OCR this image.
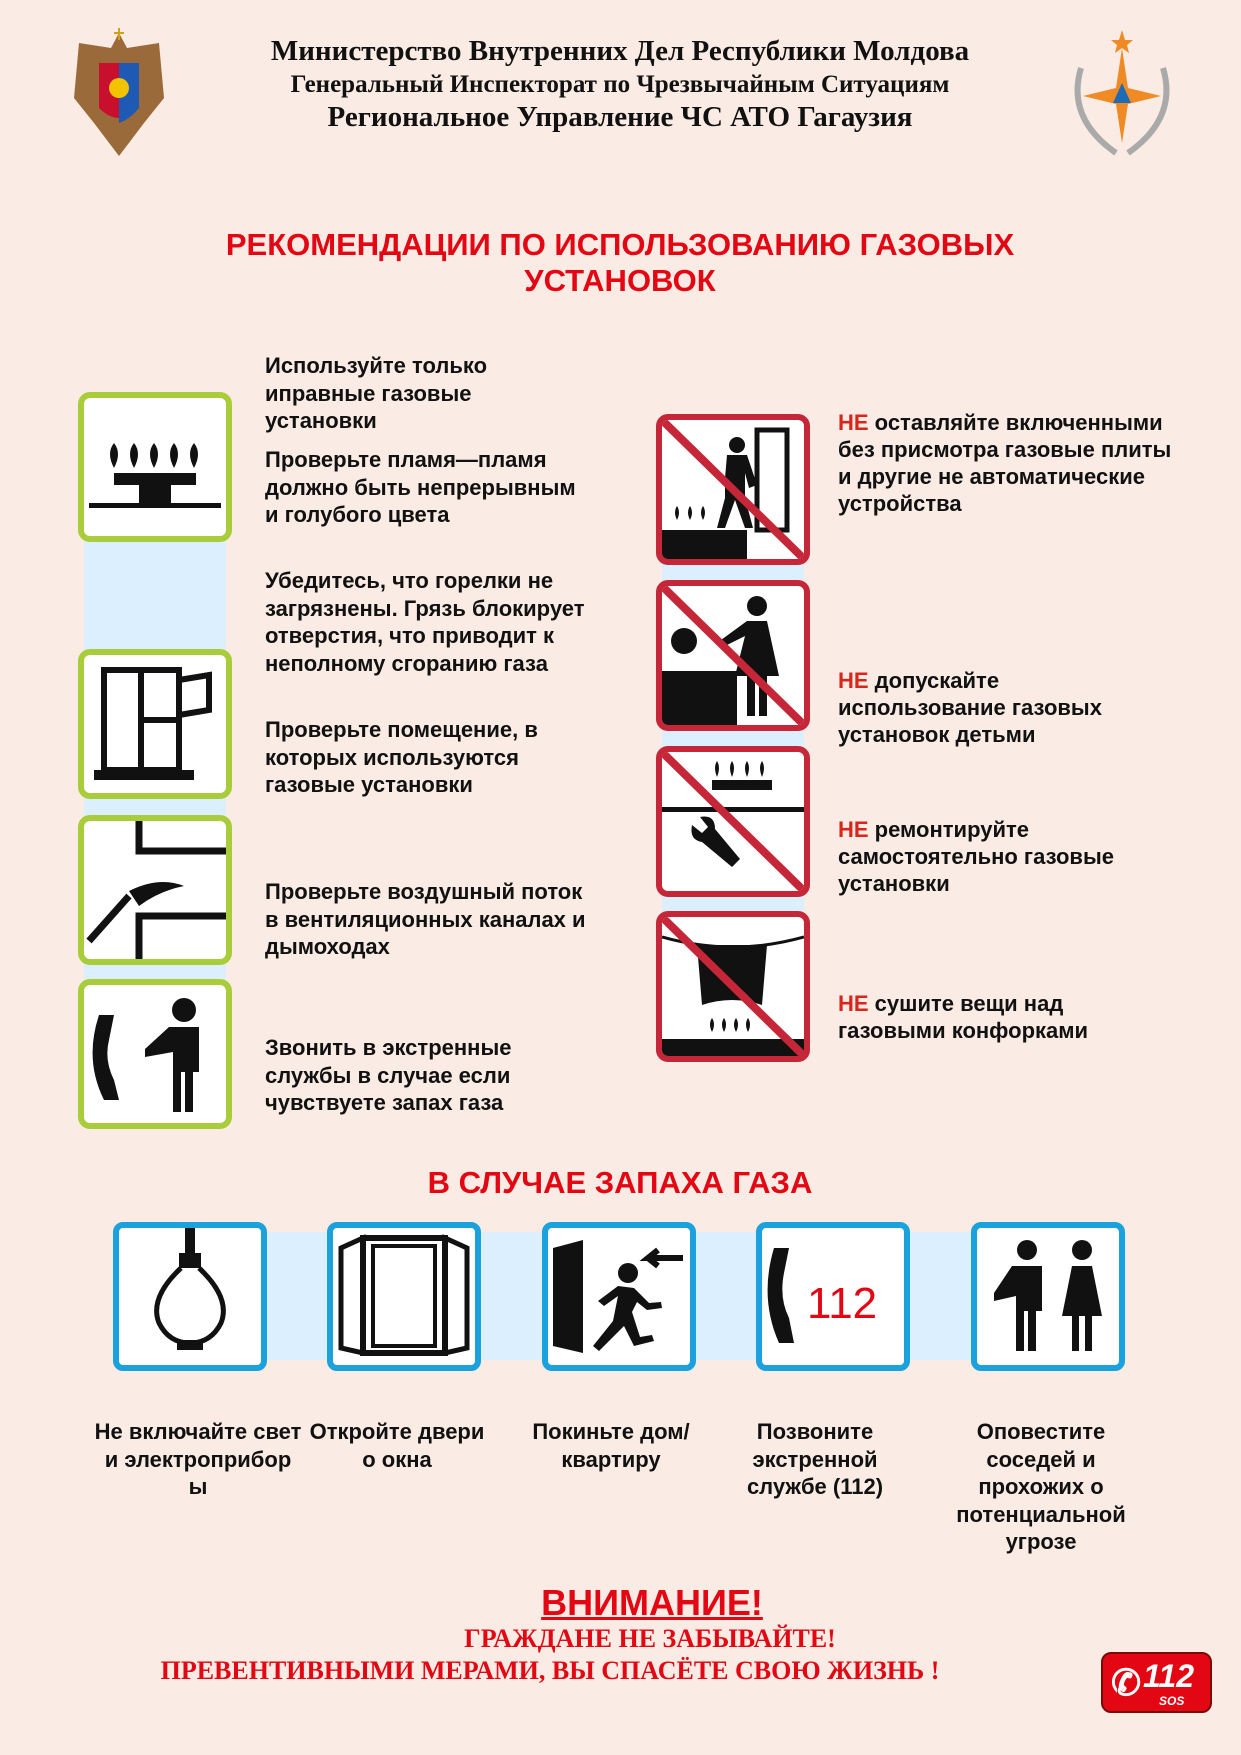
Министерство Внутренних Дел Республики Молдова
Генеральный Инспекторат по Чрезвычайным Ситуациям
Региональное Управление ЧС АТО Гагаузия
РЕКОМЕНДАЦИИ ПО ИСПОЛЬЗОВАНИЮ ГАЗОВЫХ
УСТАНОВОК
Используйте только иправные газовые установки
Проверьте пламя—пламя должно быть непрерывным и голубого цвета
Убедитесь, что горелки не загрязнены. Грязь блокирует отверстия, что приводит к неполному сгоранию газа
Проверьте помещение, в которых используются газовые установки
Проверьте воздушный поток в вентиляционных каналах и дымоходах
Звонить в экстренные службы в случае если чувствуете запах газа
НЕ оставляйте включенными без присмотра газовые плиты и другие не автоматические устройства
НЕ допускайте использование газовых установок детьми
НЕ ремонтируйте самостоятельно газовые установки
НЕ сушите вещи над газовыми конфорками
В СЛУЧАЕ ЗАПАХА ГАЗА
112
Не включайте свет и электроприбор ы
Откройте двери о окна
Покиньте дом/квартиру
Позвоните экстренной службе (112)
Оповестите соседей и прохожих о потенциальной угрозе
ВНИМАНИЕ!
ГРАЖДАНЕ НЕ ЗАБЫВАЙТЕ!
ПРЕВЕНТИВНЫМИ МЕРАМИ, ВЫ СПАСЁТЕ СВОЮ ЖИЗНЬ !	✆ 112
SOS
